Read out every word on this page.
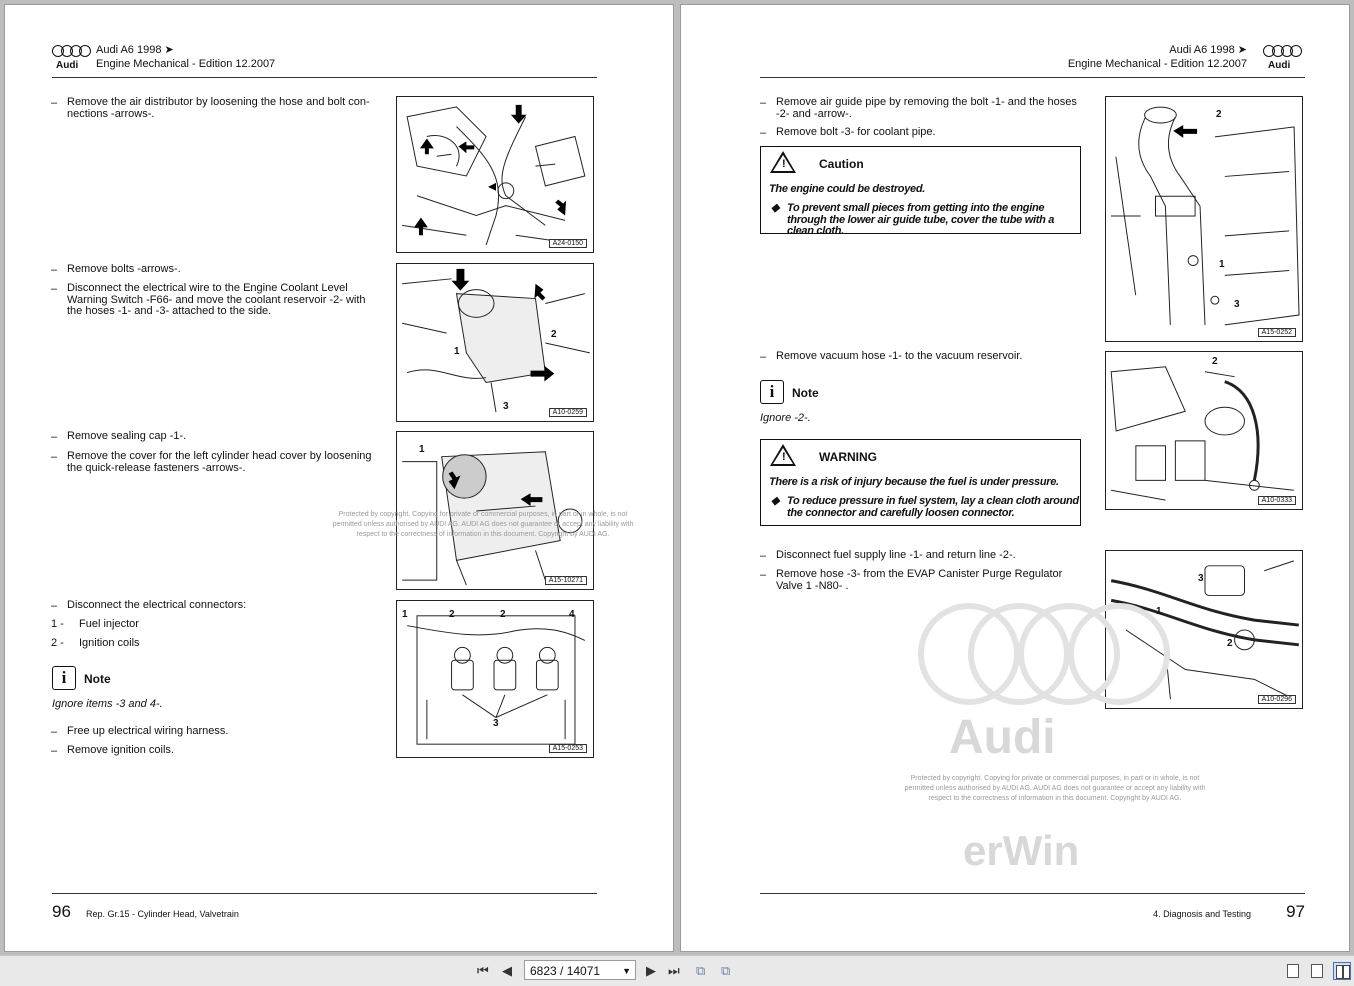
Audi
Audi A6 1998 ➤
Engine Mechanical - Edition 12.2007
– Remove the air distributor by loosening the hose and bolt con- nections -arrows-.
A24-0150
– Remove bolts -arrows-.
– Disconnect the electrical wire to the Engine Coolant Level Warning Switch -F66- and move the coolant reservoir -2- with the hoses -1- and -3- attached to the side.
1
2
3
A10-0259
– Remove sealing cap -1-.
– Remove the cover for the left cylinder head cover by loosening the quick-release fasteners -arrows-.
1
A15-10271
– Disconnect the electrical connectors:
1 - Fuel injector
2 - Ignition coils
i	Note
Ignore items -3 and 4-.
– Free up electrical wiring harness.
– Remove ignition coils.
1	2	2	4
3
A15-0253
Protected by copyright. Copying for private or commercial purposes, in part or in whole, is not permitted unless authorised by AUDI AG. AUDI AG does not guarantee or accept any liability with respect to the correctness of information in this document. Copyright by AUDI AG.
96 Rep. Gr.15 - Cylinder Head, Valvetrain
Audi A6 1998 ➤
Engine Mechanical - Edition 12.2007 Audi
– Remove air guide pipe by removing the bolt -1- and the hoses -2- and -arrow-.
– Remove bolt -3- for coolant pipe.
!	Caution
The engine could be destroyed.
◆ To prevent small pieces from getting into the engine through the lower air guide tube, cover the tube with a clean cloth.
2
1
3
A15-0252
– Remove vacuum hose -1- to the vacuum reservoir.
i	Note
Ignore -2-.
!	WARNING
There is a risk of injury because the fuel is under pressure.
◆ To reduce pressure in fuel system, lay a clean cloth around the connector and carefully loosen connector.
2
A10-0333
– Disconnect fuel supply line -1- and return line -2-.
– Remove hose -3- from the EVAP Canister Purge Regulator Valve 1 -N80- .
3
1
2
A10-0296
Audi
Protected by copyright. Copying for private or commercial purposes, in part or in whole, is not permitted unless authorised by AUDI AG. AUDI AG does not guarantee or accept any liability with respect to the correctness of information in this document. Copyright by AUDI AG.
erWin
4. Diagnosis and Testing 97
⏮ ◀	6823 / 14071 ▼ ▶ ⏭ ⧉ ⧉
